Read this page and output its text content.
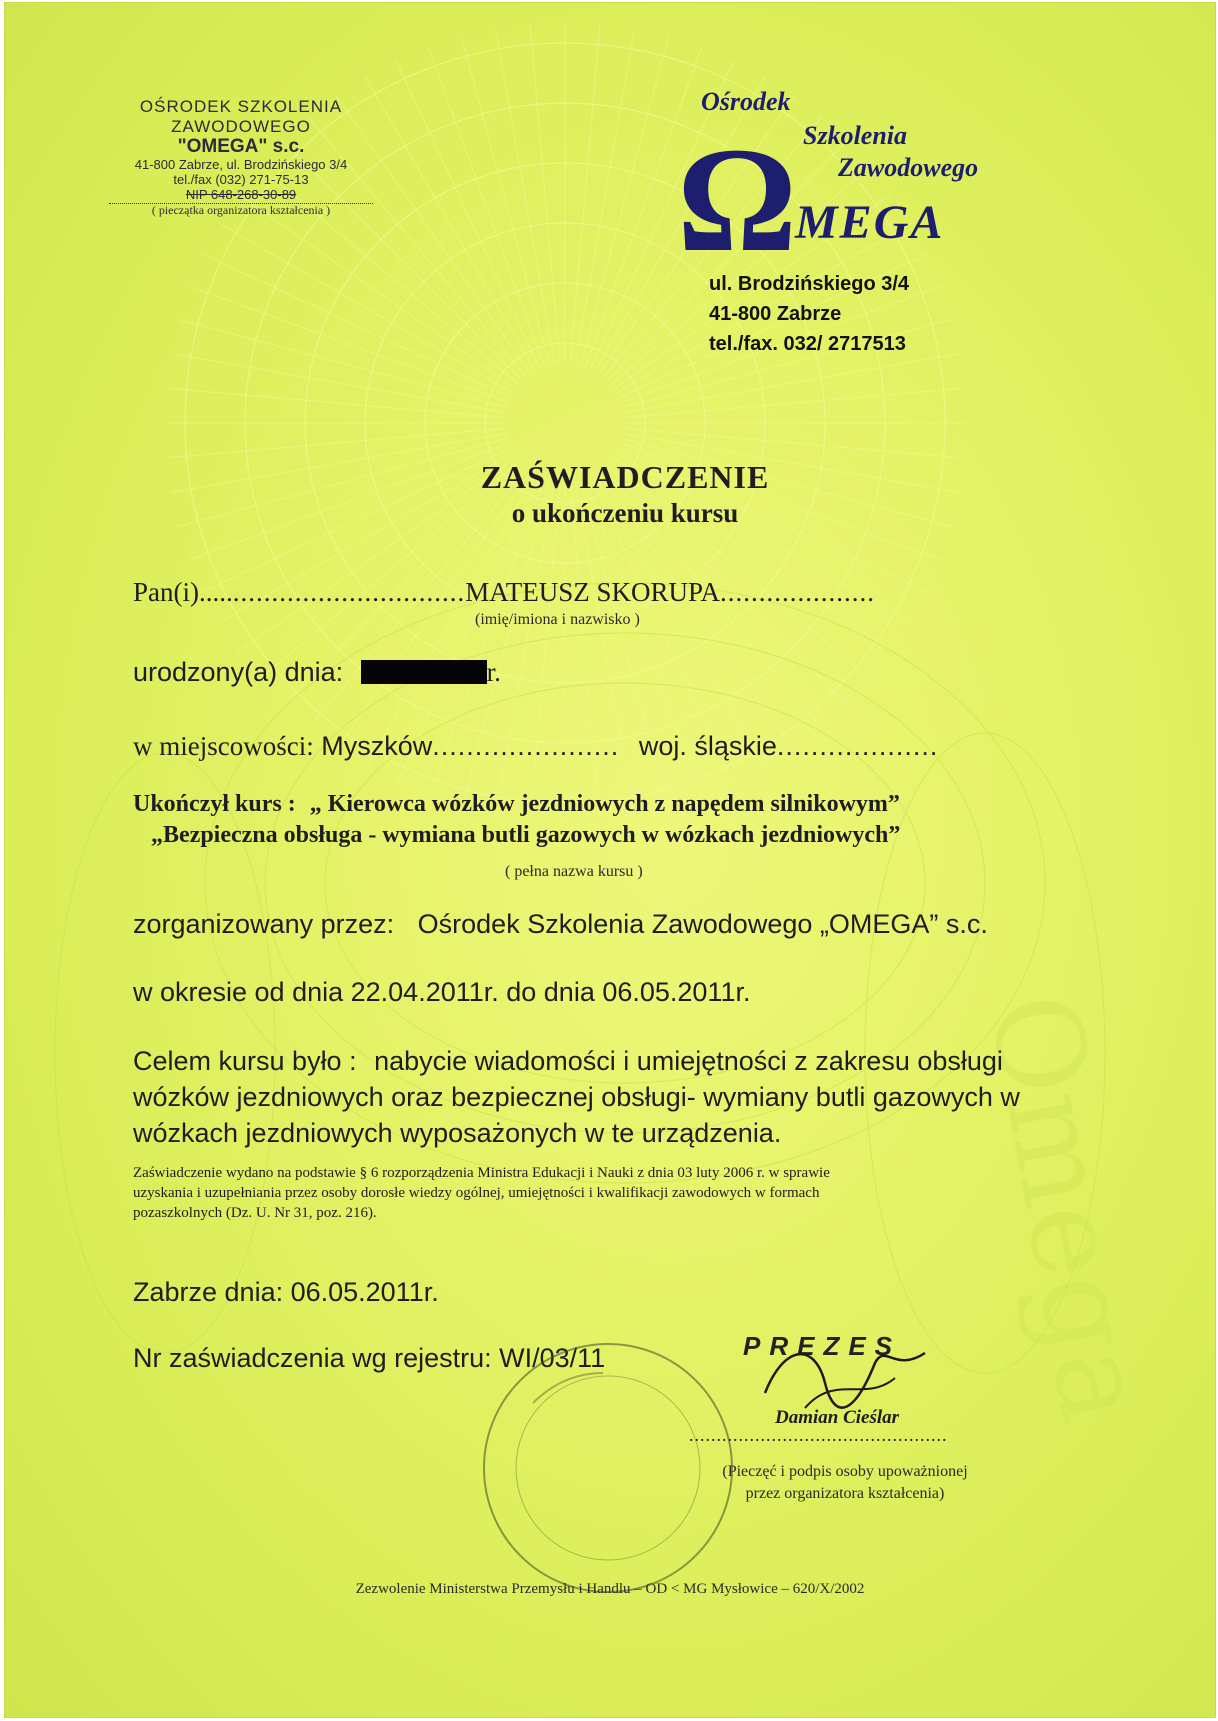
Omega
OŚRODEK SZKOLENIA
ZAWODOWEGO
"OMEGA" s.c.
41-800 Zabrze, ul. Brodzińskiego 3/4
tel./fax (032) 271-75-13
NIP 648-268-30-89
( pieczątka organizatora kształcenia )
Ośrodek
Szkolenia
Zawodowego
Ω
MEGA
ul. Brodzińskiego 3/4
41-800 Zabrze
tel./fax. 032/ 2717513
ZAŚWIADCZENIE
o ukończeniu kursu
Pan(i)...................................MATEUSZ SKORUPA....................
(imię/imiona i nazwisko )
urodzony(a) dnia:	r.
w miejscowości: Myszków...................... woj. śląskie...................
Ukończył kurs : „ Kierowca wózków jezdniowych z napędem silnikowym”
„Bezpieczna obsługa - wymiana butli gazowych w wózkach jezdniowych”
( pełna nazwa kursu )
zorganizowany przez: Ośrodek Szkolenia Zawodowego „OMEGA” s.c.
w okresie od dnia 22.04.2011r. do dnia 06.05.2011r.
Celem kursu było : nabycie wiadomości i umiejętności z zakresu obsługi
wózków jezdniowych oraz bezpiecznej obsługi- wymiany butli gazowych w
wózkach jezdniowych wyposażonych w te urządzenia.
Zaświadczenie wydano na podstawie § 6 rozporządzenia Ministra Edukacji i Nauki z dnia 03 luty 2006 r. w sprawie
uzyskania i uzupełniania przez osoby dorosłe wiedzy ogólnej, umiejętności i kwalifikacji zawodowych w formach
pozaszkolnych (Dz. U. Nr 31, poz. 216).
Zabrze dnia: 06.05.2011r.
Nr zaświadczenia wg rejestru: WI/03/11	PREZES
Damian Cieślar
...............................................
(Pieczęć i podpis osoby upoważnionej
przez organizatora kształcenia)
Zezwolenie Ministerstwa Przemysłu i Handlu – OD < MG Mysłowice – 620/X/2002
